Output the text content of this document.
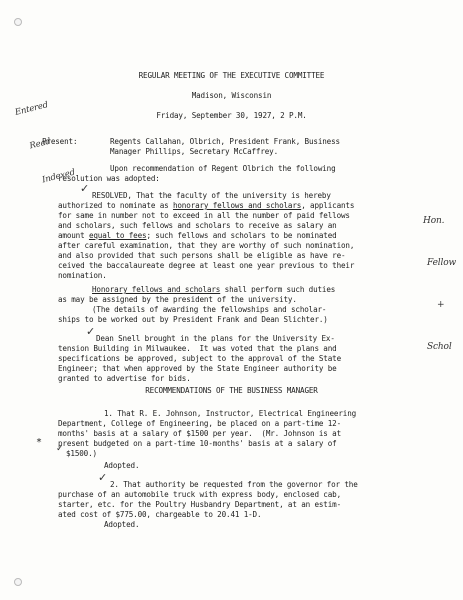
Entered

Read

Indexed

Hon.

Fellow

+

Schol

REGULAR MEETING OF THE EXECUTIVE COMMITTEE
Madison, Wisconsin
Friday, September 30, 1927, 2 P.M.
Present:	Regents Callahan, Olbrich, President Frank, Business
Manager Phillips, Secretary McCaffrey.
Upon recommendation of Regent Olbrich the following
resolution was adopted:
✓
RESOLVED, That the faculty of the university is hereby
authorized to nominate as honorary fellows and scholars, applicants
for same in number not to exceed in all the number of paid fellows
and scholars, such fellows and scholars to receive as salary an
amount equal to fees; such fellows and scholars to be nominated
after careful examination, that they are worthy of such nomination,
and also provided that such persons shall be eligible as have re-
ceived the baccalaureate degree at least one year previous to their
nomination.
Honorary fellows and scholars shall perform such duties
as may be assigned by the president of the university.
(The details of awarding the fellowships and scholar-
ships to be worked out by President Frank and Dean Slichter.)
✓
Dean Snell brought in the plans for the University Ex-
tension Building in Milwaukee.  It was voted that the plans and
specifications be approved, subject to the approval of the State
Engineer; that when approved by the State Engineer authority be
granted to advertise for bids.
RECOMMENDATIONS OF THE BUSINESS MANAGER
1. That R. E. Johnson, Instructor, Electrical Engineering
Department, College of Engineering, be placed on a part-time 12-
months' basis at a salary of $1500 per year.  (Mr. Johnson is at
* present budgeted on a part-time 10-months' basis at a salary of
✓ $1500.)
Adopted.
✓
2. That authority be requested from the governor for the
purchase of an automobile truck with express body, enclosed cab,
starter, etc. for the Poultry Husbandry Department, at an estim-
ated cost of $775.00, chargeable to 20.41 1-D.
Adopted.
